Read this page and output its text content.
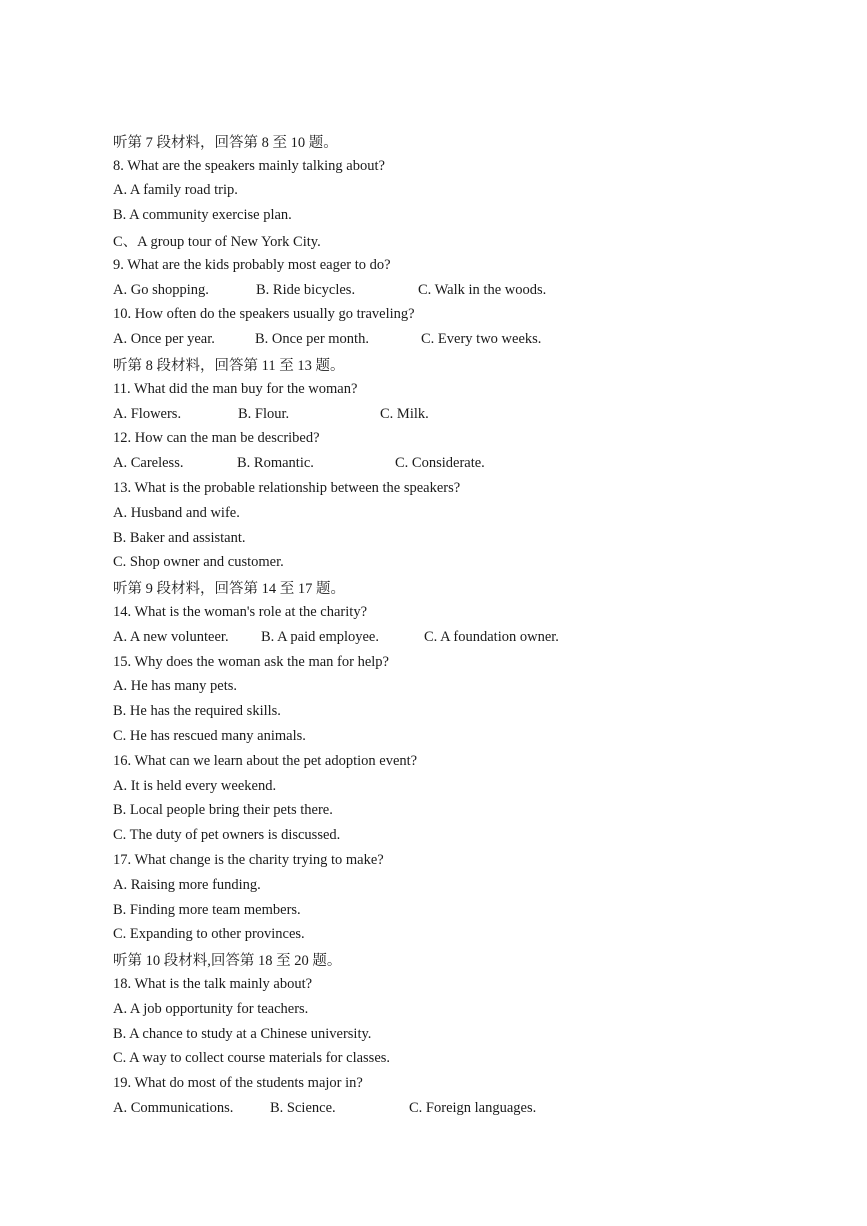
听第 7 段材料，回答第 8 至 10 题。
8. What are the speakers mainly talking about?
A. A family road trip.
B. A community exercise plan.
C、A group tour of New York City.
9. What are the kids probably most eager to do?
A. Go shopping.	B. Ride bicycles.	C. Walk in the woods.
10. How often do the speakers usually go traveling?
A. Once per year.	B. Once per month.	C. Every two weeks.
听第 8 段材料，回答第 11 至 13 题。
11. What did the man buy for the woman?
A. Flowers.	B. Flour.	C. Milk.
12. How can the man be described?
A. Careless.	B. Romantic.	C. Considerate.
13. What is the probable relationship between the speakers?
A. Husband and wife.
B. Baker and assistant.
C. Shop owner and customer.
听第 9 段材料，回答第 14 至 17 题。
14. What is the woman's role at the charity?
A. A new volunteer. B. A paid employee.	C. A foundation owner.
15. Why does the woman ask the man for help?
A. He has many pets.
B. He has the required skills.
C. He has rescued many animals.
16. What can we learn about the pet adoption event?
A. It is held every weekend.
B. Local people bring their pets there.
C. The duty of pet owners is discussed.
17. What change is the charity trying to make?
A. Raising more funding.
B. Finding more team members.
C. Expanding to other provinces.
听第 10 段材料,回答第 18 至 20 题。
18. What is the talk mainly about?
A. A job opportunity for teachers.
B. A chance to study at a Chinese university.
C. A way to collect course materials for classes.
19. What do most of the students major in?
A. Communications.	B. Science.	C. Foreign languages.
